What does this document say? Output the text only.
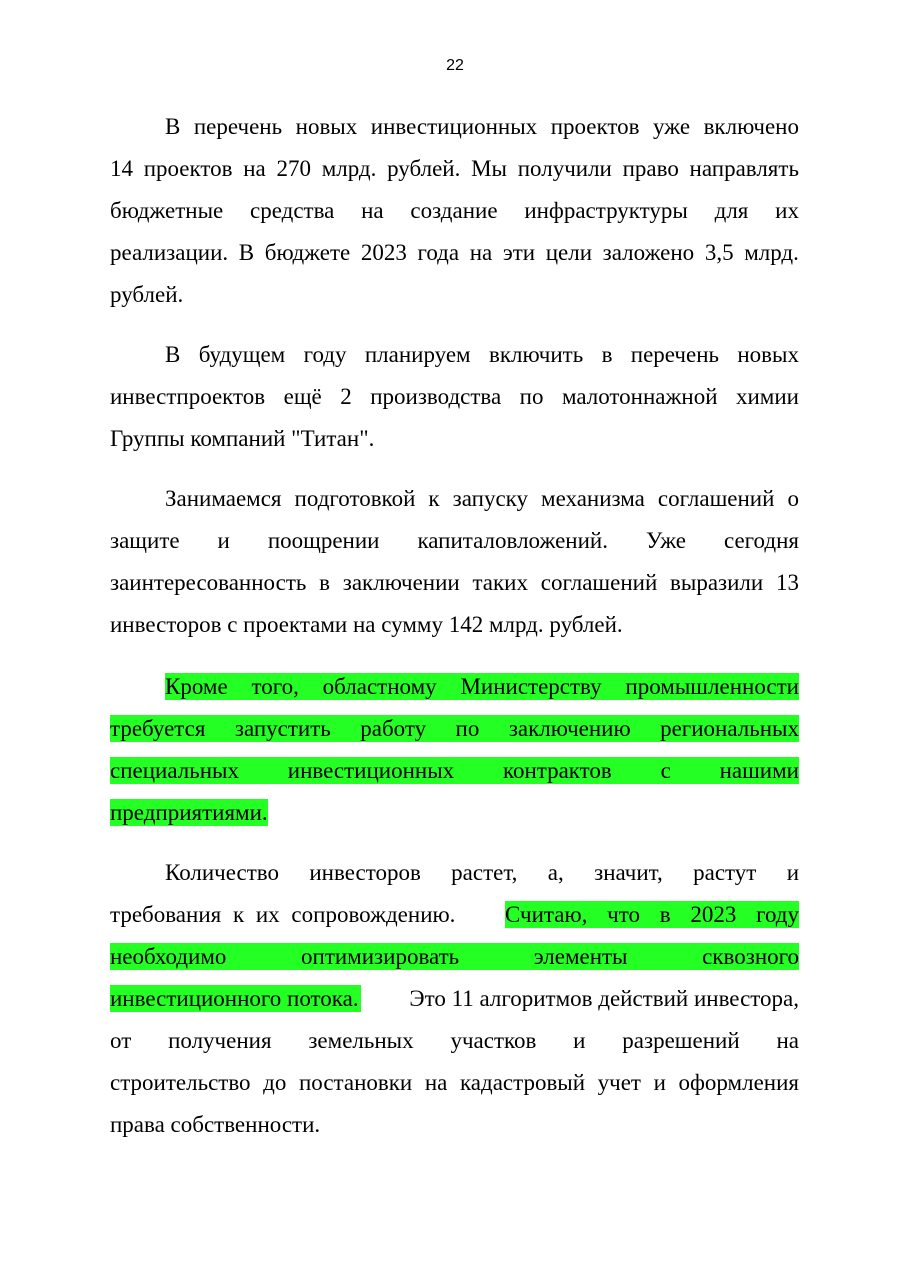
22
В перечень новых инвестиционных проектов уже включено
14 проектов на 270 млрд. рублей. Мы получили право направлять
бюджетные средства на создание инфраструктуры для их
реализации. В бюджете 2023 года на эти цели заложено 3,5 млрд.
рублей.
В будущем году планируем включить в перечень новых
инвестпроектов ещё 2 производства по малотоннажной химии
Группы компаний "Титан".
Занимаемся подготовкой к запуску механизма соглашений о
защите и поощрении капиталовложений. Уже сегодня
заинтересованность в заключении таких соглашений выразили 13
инвесторов с проектами на сумму 142 млрд. рублей.
Кроме того, областному Министерству промышленности
требуется запустить работу по заключению региональных
специальных инвестиционных контрактов с нашими
предприятиями.
Количество инвесторов растет, а, значит, растут и
требования к их сопровождению. Считаю, что в 2023 году
необходимо	оптимизировать	элементы	сквозного
инвестиционного потока. Это 11 алгоритмов действий инвестора,
от получения земельных участков и разрешений на
строительство до постановки на кадастровый учет и оформления
права собственности.
